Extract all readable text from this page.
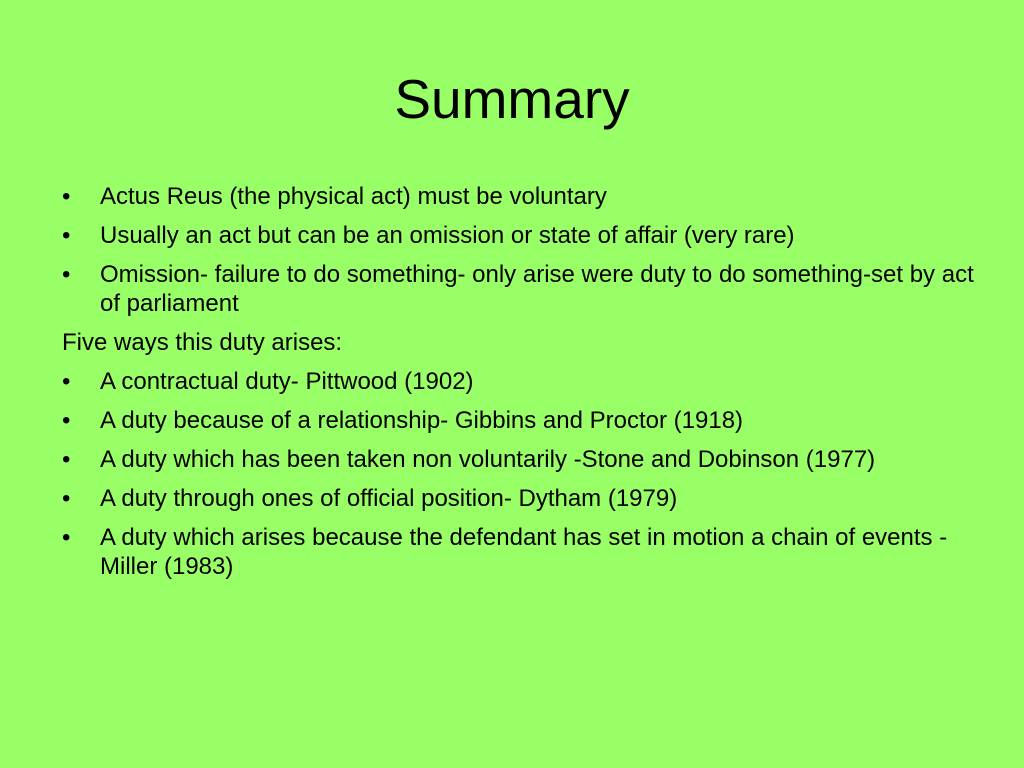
Summary
• Actus Reus (the physical act) must be voluntary
• Usually an act but can be an omission or state of affair (very rare)
• Omission- failure to do something- only arise were duty to do something-set by act of parliament
Five ways this duty arises:
• A contractual duty- Pittwood (1902)
• A duty because of a relationship- Gibbins and Proctor (1918)
• A duty which has been taken non voluntarily -Stone and Dobinson (1977)
• A duty through ones of official position- Dytham (1979)
• A duty which arises because the defendant has set in motion a chain of events -Miller (1983)
